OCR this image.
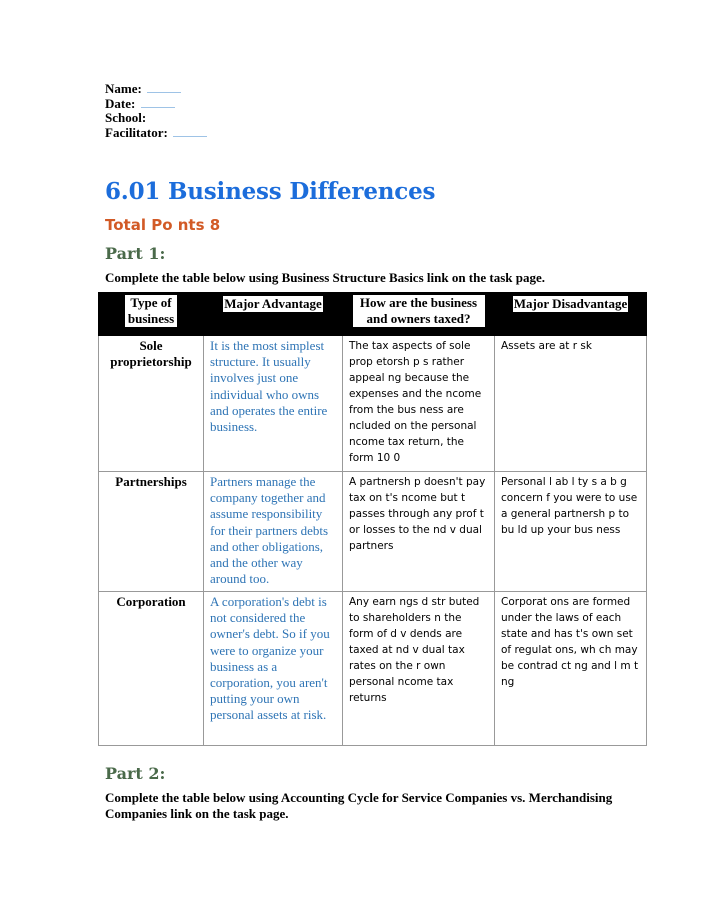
Name:
Date:
School:
Facilitator:
6.01 Business Differences
Total Po nts 8
Part 1:
Complete the table below using Business Structure Basics link on the task page.
Type of business	Major Advantage	How are the business and owners taxed?	Major Disadvantage
Sole proprietorship	It is the most simplest structure. It usually involves just one individual who owns and operates the entire business.	The tax aspects of sole prop etorsh p s rather appeal ng because the expenses and the ncome from the bus ness are ncluded on the personal ncome tax return, the form 10 0	Assets are at r sk
Partnerships	Partners manage the company together and assume responsibility for their partners debts and other obligations, and the other way around too.	A partnersh p doesn't pay tax on t's ncome but t passes through any prof t or losses to the nd v dual partners	Personal l ab l ty s a b g concern f you were to use a general partnersh p to bu ld up your bus ness
Corporation	A corporation's debt is not considered the owner's debt. So if you were to organize your business as a corporation, you aren't putting your own personal assets at risk.	Any earn ngs d str buted to shareholders n the form of d v dends are taxed at nd v dual tax rates on the r own personal ncome tax returns	Corporat ons are formed under the laws of each state and has t's own set of regulat ons, wh ch may be contrad ct ng and l m t ng
Part 2:
Complete the table below using Accounting Cycle for Service Companies vs. Merchandising Companies link on the task page.
